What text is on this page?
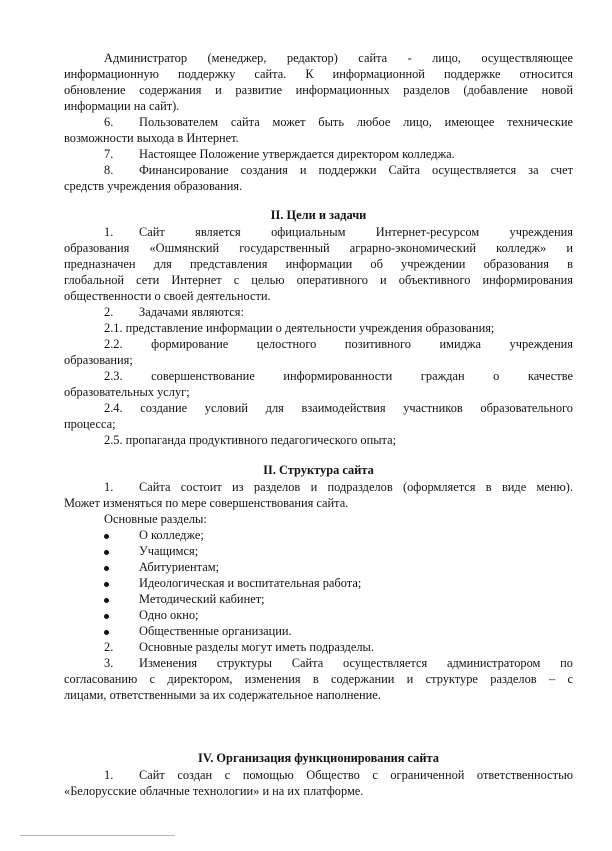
Администратор (менеджер, редактор) сайта - лицо, осуществляющее
информационную поддержку сайта. К информационной поддержке относится
обновление содержания и развитие информационных разделов (добавление новой
информации на сайт).
6. Пользователем сайта может быть любое лицо, имеющее технические
возможности выхода в Интернет.
7. Настоящее Положение утверждается директором колледжа.
8. Финансирование создания и поддержки Сайта осуществляется за счет
средств учреждения образования.
II. Цели и задачи
1. Сайт является официальным Интернет-ресурсом учреждения
образования «Ошмянский государственный аграрно-экономический колледж» и
предназначен для представления информации об учреждении образования в
глобальной сети Интернет с целью оперативного и объективного информирования
общественности о своей деятельности.
2. Задачами являются:
2.1. представление информации о деятельности учреждения образования;
2.2. формирование целостного позитивного имиджа учреждения
образования;
2.3. совершенствование информированности граждан о качестве
образовательных услуг;
2.4. создание условий для взаимодействия участников образовательного
процесса;
2.5. пропаганда продуктивного педагогического опыта;
II. Структура сайта
1. Сайта состоит из разделов и подразделов (оформляется в виде меню).
Может изменяться по мере совершенствования сайта.
Основные разделы:
О колледже;
Учащимся;
Абитуриентам;
Идеологическая и воспитательная работа;
Методический кабинет;
Одно окно;
Общественные организации.
2. Основные разделы могут иметь подразделы.
3. Изменения структуры Сайта осуществляется администратором по
согласованию с директором, изменения в содержании и структуре разделов – с
лицами, ответственными за их содержательное наполнение.
IV. Организация функционирования сайта
1. Сайт создан с помощью Общество с ограниченной ответственностью
«Белорусские облачные технологии» и на их платформе.
